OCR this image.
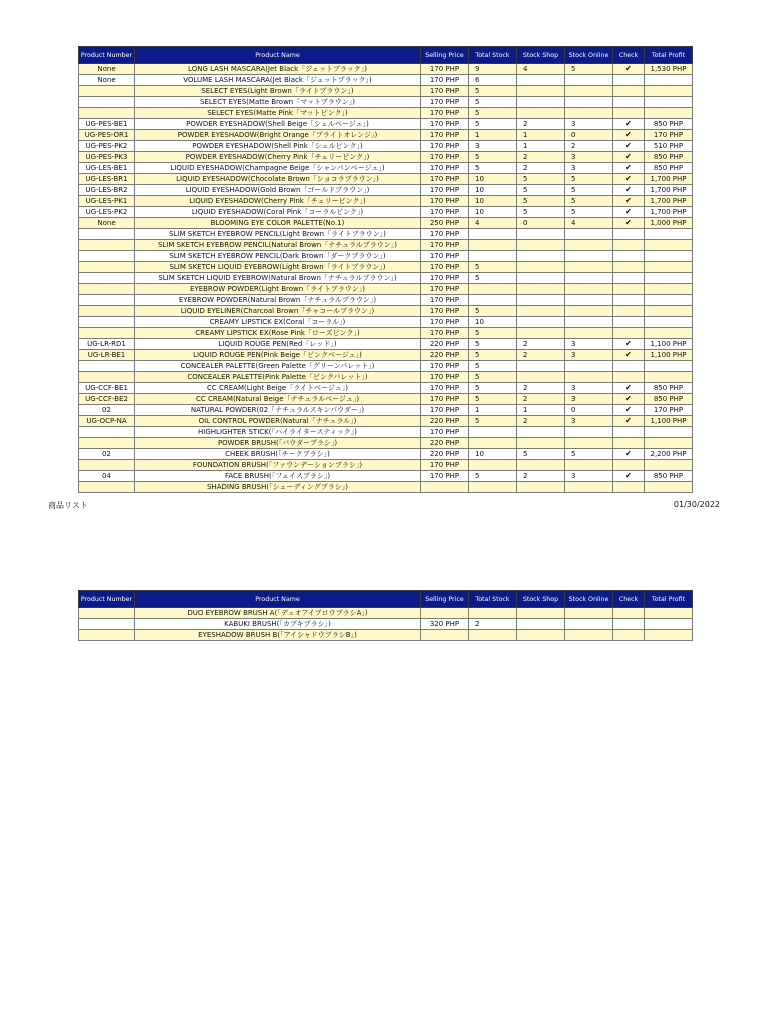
Product Number	Product Name	Selling Price	Total Stock	Stock Shop	Stock Online	Check	Total Profit
None	LONG LASH MASCARA(Jet Black「ジェットブラック」)	170 PHP	9	4	5	✔	1,530 PHP
None	VOLUME LASH MASCARA(Jet Black「ジェットブラック」)	170 PHP	6				
	SELECT EYES(Light Brown「ライトブラウン」)	170 PHP	5				
	SELECT EYES(Matte Brown「マットブラウン」)	170 PHP	5				
	SELECT EYES(Matte Pink「マットピンク」)	170 PHP	5				
UG-PES-BE1	POWDER EYESHADOW(Shell Beige「シェルベージュ」)	170 PHP	5	2	3	✔	850 PHP
UG-PES-OR1	POWDER EYESHADOW(Bright Orange「ブライトオレンジ」)	170 PHP	1	1	0	✔	170 PHP
UG-PES-PK2	POWDER EYESHADOW(Shell Pink「シェルピンク」)	170 PHP	3	1	2	✔	510 PHP
UG-PES-PK3	POWDER EYESHADOW(Cherry Pink「チェリーピンク」)	170 PHP	5	2	3	✔	850 PHP
UG-LES-BE1	LIQUID EYESHADOW(Champagne Beige「シャンパンベージュ」)	170 PHP	5	2	3	✔	850 PHP
UG-LES-BR1	LIQUID EYESHADOW(Chocolate Brown「ショコラブラウン」)	170 PHP	10	5	5	✔	1,700 PHP
UG-LES-BR2	LIQUID EYESHADOW(Gold Brown「ゴールドブラウン」)	170 PHP	10	5	5	✔	1,700 PHP
UG-LES-PK1	LIQUID EYESHADOW(Cherry Pink「チェリーピンク」)	170 PHP	10	5	5	✔	1,700 PHP
UG-LES-PK2	LIQUID EYESHADOW(Coral Pink「コーラルピンク」)	170 PHP	10	5	5	✔	1,700 PHP
None	BLOOMING EYE COLOR PALETTE(No.1)	250 PHP	4	0	4	✔	1,000 PHP
	SLIM SKETCH EYEBROW PENCIL(Light Brown「ライトブラウン」)	170 PHP					
	SLIM SKETCH EYEBROW PENCIL(Natural Brown「ナチュラルブラウン」)	170 PHP					
	SLIM SKETCH EYEBROW PENCIL(Dark Brown「ダークブラウン」)	170 PHP					
	SLIM SKETCH LIQUID EYEBROW(Light Brown「ライトブラウン」)	170 PHP	5				
	SLIM SKETCH LIQUID EYEBROW(Natural Brown「ナチュラルブラウン」)	170 PHP	5				
	EYEBROW POWDER(Light Brown「ライトブラウン」)	170 PHP					
	EYEBROW POWDER(Natural Brown「ナチュラルブラウン」)	170 PHP					
	LIQUID EYELINER(Charcoal Brown「チャコールブラウン」)	170 PHP	5				
	CREAMY LIPSTICK EX(Coral「コーラル」)	170 PHP	10				
	CREAMY LIPSTICK EX(Rose Pink「ローズピンク」)	170 PHP	5				
UG-LR-RD1	LIQUID ROUGE PEN(Red「レッド」)	220 PHP	5	2	3	✔	1,100 PHP
UG-LR-BE1	LIQUID ROUGE PEN(Pink Beige「ピンクベージュ」)	220 PHP	5	2	3	✔	1,100 PHP
	CONCEALER PALETTE(Green Palette「グリーンパレット」)	170 PHP	5				
	CONCEALER PALETTE(Pink Palette「ピンクパレット」)	170 PHP	5				
UG-CCF-BE1	CC CREAM(Light Beige「ライトベージュ」)	170 PHP	5	2	3	✔	850 PHP
UG-CCF-BE2	CC CREAM(Natural Beige「ナチュラルベージュ」)	170 PHP	5	2	3	✔	850 PHP
02	NATURAL POWDER(02「ナチュラルスキンパウダー」)	170 PHP	1	1	0	✔	170 PHP
UG-OCP-NA	OIL CONTROL POWDER(Natural「ナチュラル」)	220 PHP	5	2	3	✔	1,100 PHP
	HIGHLIGHTER STICK(「ハイライタースティック」)	170 PHP					
	POWDER BRUSH(「パウダーブラシ」)	220 PHP					
02	CHEEK BRUSH(「チークブラシ」)	220 PHP	10	5	5	✔	2,200 PHP
	FOUNDATION BRUSH(「ファウンデーションブラシ」)	170 PHP					
04	FACE BRUSH(「フェイスブラシ」)	170 PHP	5	2	3	✔	850 PHP
	SHADING BRUSH(「シェーディングブラシ」)						
商品リスト	01/30/2022
Product Number	Product Name	Selling Price	Total Stock	Stock Shop	Stock Online	Check	Total Profit
	DUO EYEBROW BRUSH A(「デュオアイブロウブラシA」)						
	KABUKI BRUSH(「カブキブラシ」)	320 PHP	2				
	EYESHADOW BRUSH B(「アイシャドウブラシB」)						
